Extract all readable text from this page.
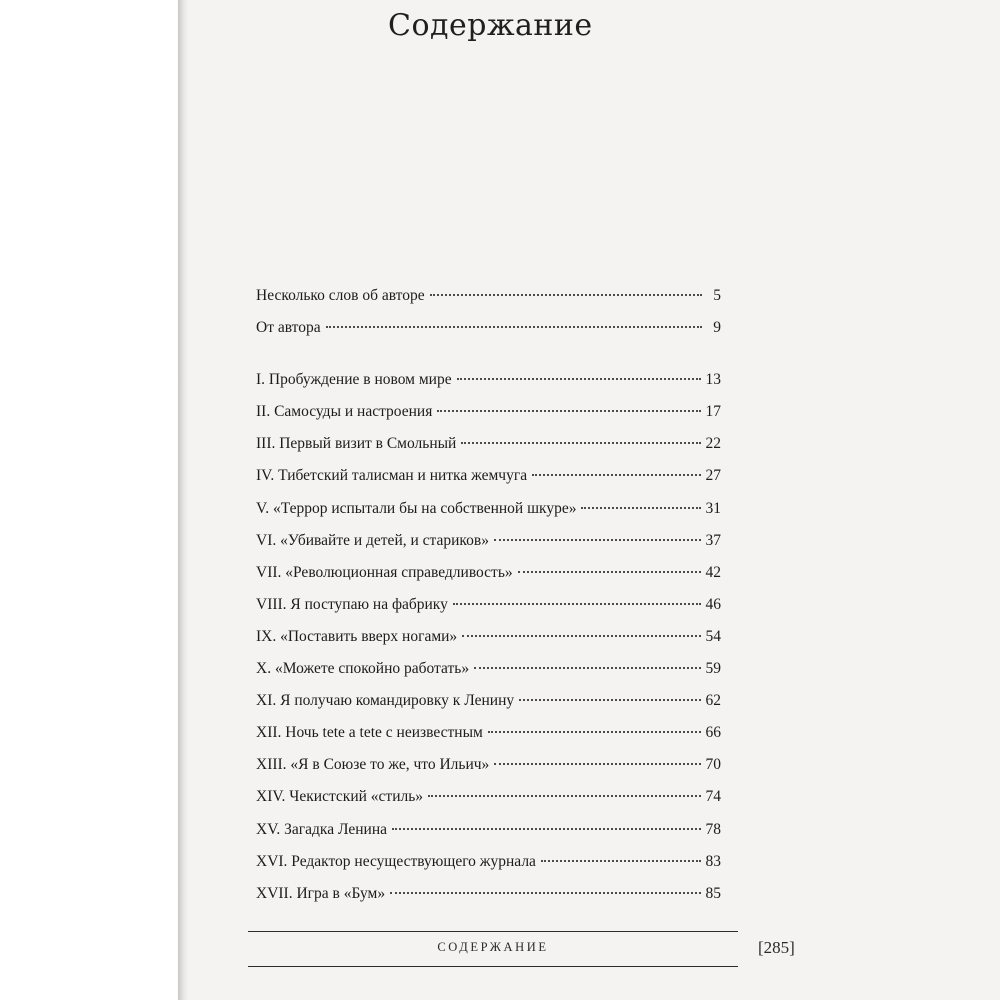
Содержание
Несколько слов об авторе	5
От автора	9
I. Пробуждение в новом мире	13
II. Самосуды и настроения	17
III. Первый визит в Смольный	22
IV. Тибетский талисман и нитка жемчуга	27
V. «Террор испытали бы на собственной шкуре»	31
VI. «Убивайте и детей, и стариков»	37
VII. «Революционная справедливость»	42
VIII. Я поступаю на фабрику	46
IX. «Поставить вверх ногами»	54
X. «Можете спокойно работать»	59
XI. Я получаю командировку к Ленину	62
XII. Ночь tete a tete с неизвестным	66
XIII. «Я в Союзе то же, что Ильич»	70
XIV. Чекистский «стиль»	74
XV. Загадка Ленина	78
XVI. Редактор несуществующего журнала	83
XVII. Игра в «Бум»	85
СОДЕРЖАНИЕ	[285]
